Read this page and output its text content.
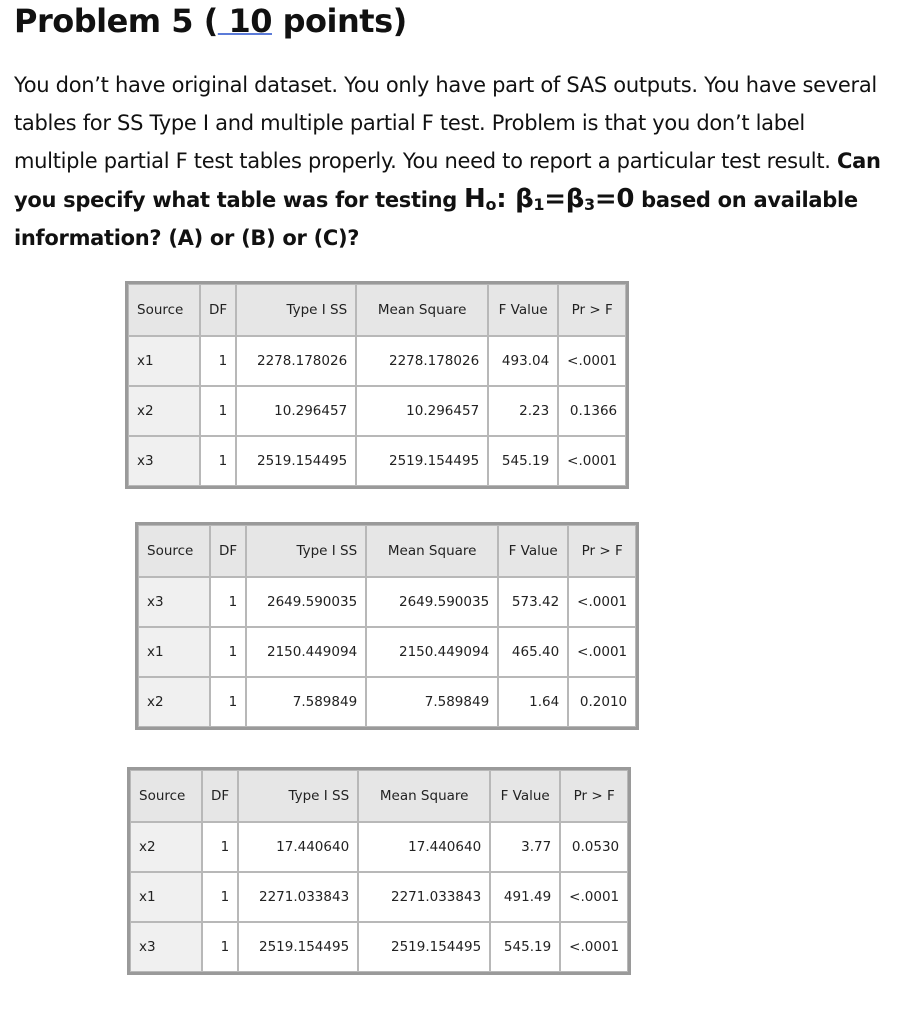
Problem 5 ( 10 points)

You don’t have original dataset. You only have part of SAS outputs. You have several tables for SS Type I and multiple partial F test. Problem is that you don’t label multiple partial F test tables properly. You need to report a particular test result. Can you specify what table was for testing $H_o$: $\beta_1=\beta_3=0$ based on available information? (A) or (B) or (C)?

Source	DF	Type I SS	Mean Square	F Value	Pr > F
x1	1	2278.178026	2278.178026	493.04	<.0001
x2	1	10.296457	10.296457	2.23	0.1366
x3	1	2519.154495	2519.154495	545.19	<.0001
Source	DF	Type I SS	Mean Square	F Value	Pr > F
x3	1	2649.590035	2649.590035	573.42	<.0001
x1	1	2150.449094	2150.449094	465.40	<.0001
x2	1	7.589849	7.589849	1.64	0.2010
Source	DF	Type I SS	Mean Square	F Value	Pr > F
x2	1	17.440640	17.440640	3.77	0.0530
x1	1	2271.033843	2271.033843	491.49	<.0001
x3	1	2519.154495	2519.154495	545.19	<.0001
